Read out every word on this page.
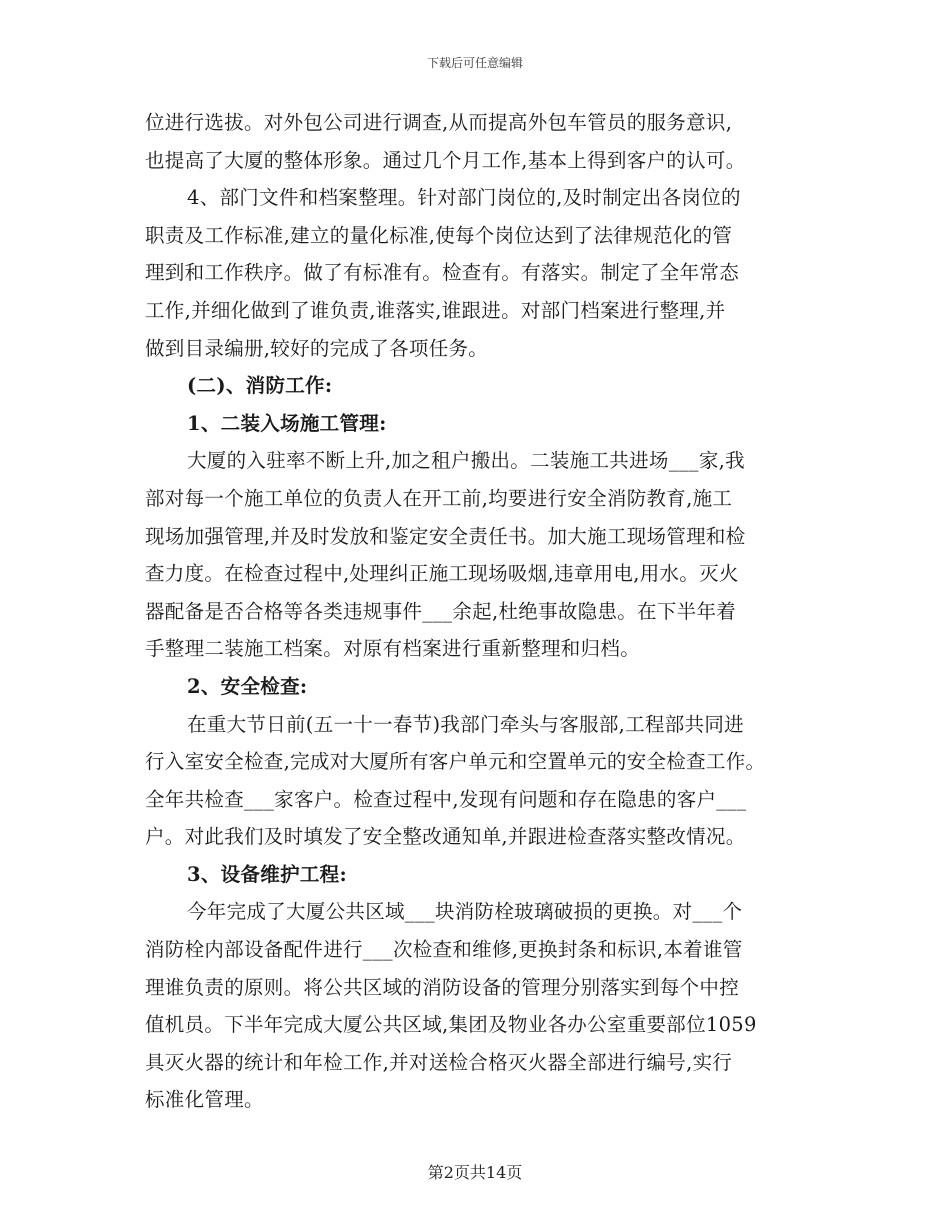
下载后可任意编辑
位进行选拔。对外包公司进行调查,从而提高外包车管员的服务意识,
也提高了大厦的整体形象。通过几个月工作,基本上得到客户的认可。
4、部门文件和档案整理。针对部门岗位的,及时制定出各岗位的
职责及工作标准,建立的量化标准,使每个岗位达到了法律规范化的管
理到和工作秩序。做了有标准有。检查有。有落实。制定了全年常态
工作,并细化做到了谁负责,谁落实,谁跟进。对部门档案进行整理,并
做到目录编册,较好的完成了各项任务。
(二)、消防工作:
1、二装入场施工管理:
大厦的入驻率不断上升,加之租户搬出。二装施工共进场___家,我
部对每一个施工单位的负责人在开工前,均要进行安全消防教育,施工
现场加强管理,并及时发放和鉴定安全责任书。加大施工现场管理和检
查力度。在检查过程中,处理纠正施工现场吸烟,违章用电,用水。灭火
器配备是否合格等各类违规事件___余起,杜绝事故隐患。在下半年着
手整理二装施工档案。对原有档案进行重新整理和归档。
2、安全检查:
在重大节日前(五一十一春节)我部门牵头与客服部,工程部共同进
行入室安全检查,完成对大厦所有客户单元和空置单元的安全检查工作。
全年共检查___家客户。检查过程中,发现有问题和存在隐患的客户___
户。对此我们及时填发了安全整改通知单,并跟进检查落实整改情况。
3、设备维护工程:
今年完成了大厦公共区域___块消防栓玻璃破损的更换。对___个
消防栓内部设备配件进行___次检查和维修,更换封条和标识,本着谁管
理谁负责的原则。将公共区域的消防设备的管理分别落实到每个中控
值机员。下半年完成大厦公共区域,集团及物业各办公室重要部位1059
具灭火器的统计和年检工作,并对送检合格灭火器全部进行编号,实行
标准化管理。
第2页共14页
